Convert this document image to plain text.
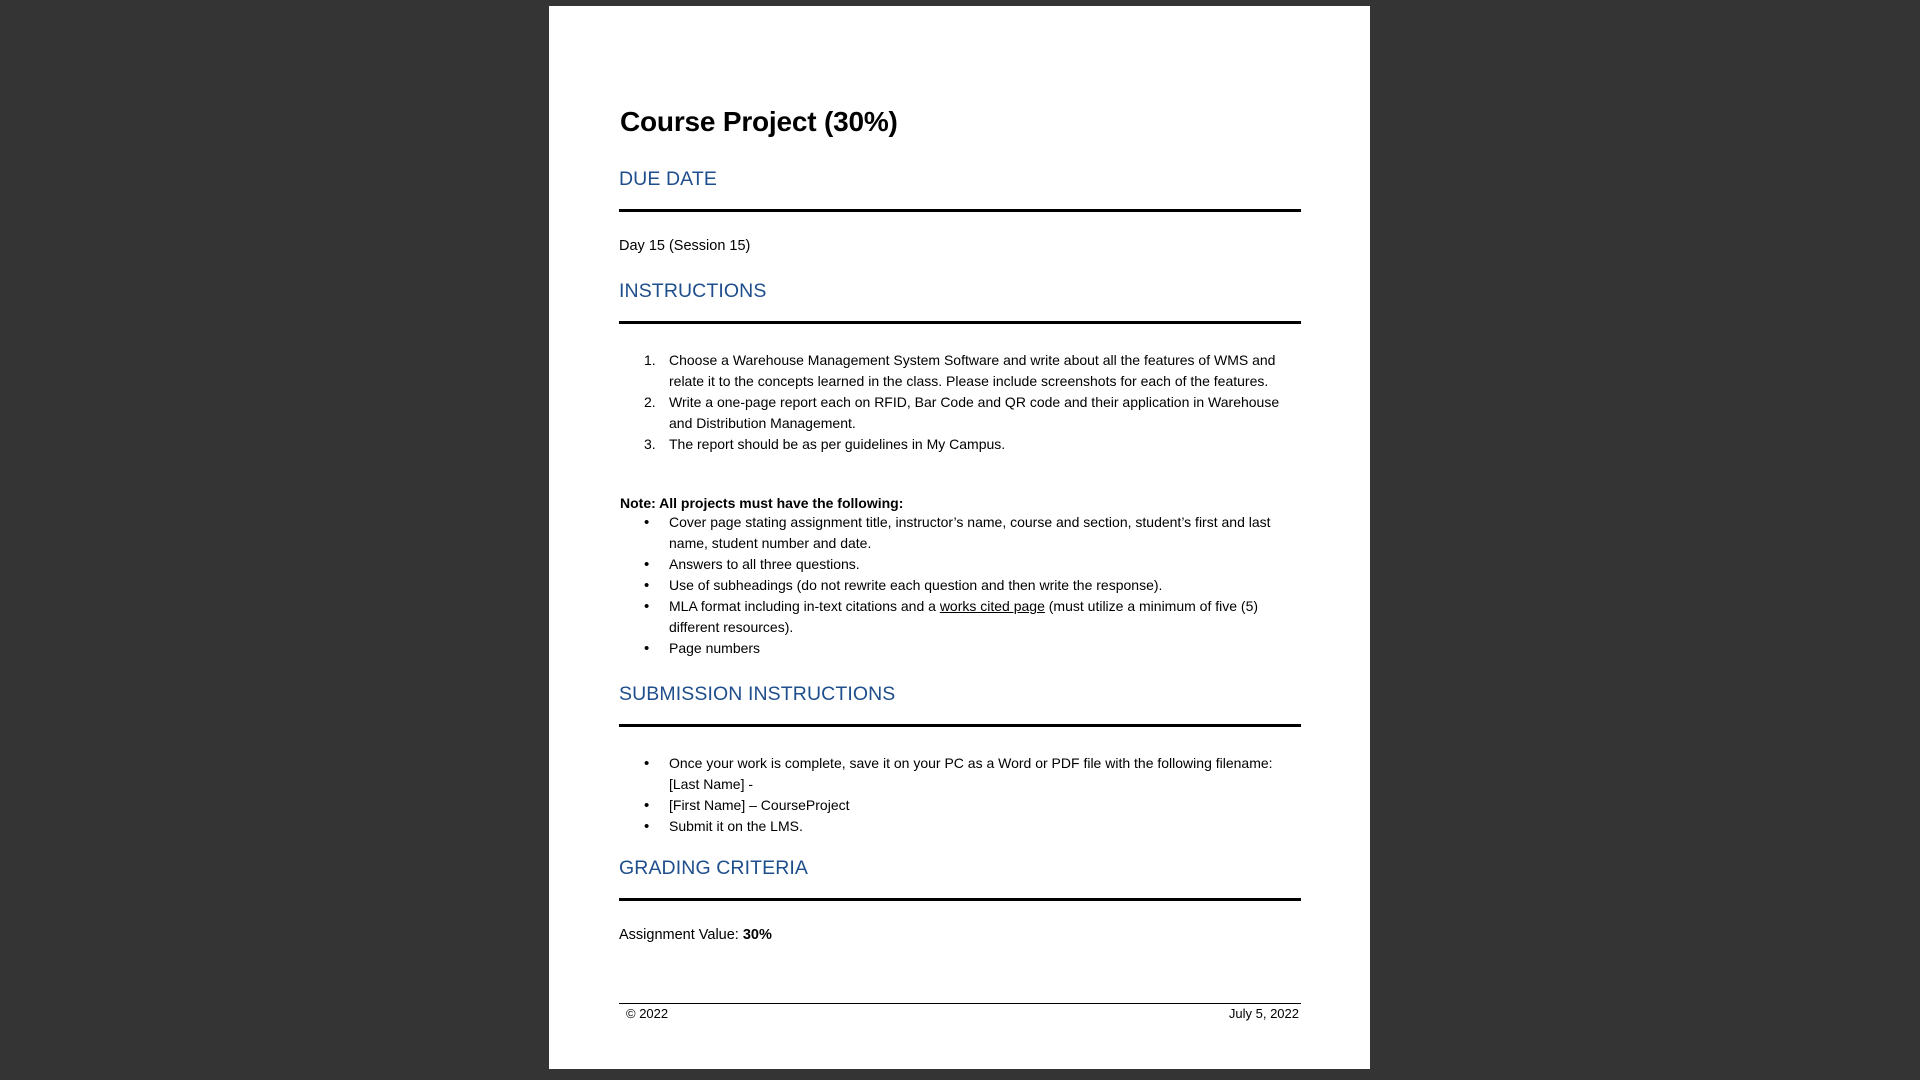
Course Project (30%)
DUE DATE
Day 15 (Session 15)
INSTRUCTIONS
1. Choose a Warehouse Management System Software and write about all the features of WMS and relate it to the concepts learned in the class. Please include screenshots for each of the features.
2. Write a one-page report each on RFID, Bar Code and QR code and their application in Warehouse and Distribution Management.
3. The report should be as per guidelines in My Campus.
Note: All projects must have the following:
• Cover page stating assignment title, instructor’s name, course and section, student’s first and last name, student number and date.
• Answers to all three questions.
• Use of subheadings (do not rewrite each question and then write the response).
• MLA format including in-text citations and a works cited page (must utilize a minimum of five (5) different resources).
• Page numbers
SUBMISSION INSTRUCTIONS
• Once your work is complete, save it on your PC as a Word or PDF file with the following filename: [Last Name] -
• [First Name] – CourseProject
• Submit it on the LMS.
GRADING CRITERIA
Assignment Value: 30%
© 2022	July 5, 2022
